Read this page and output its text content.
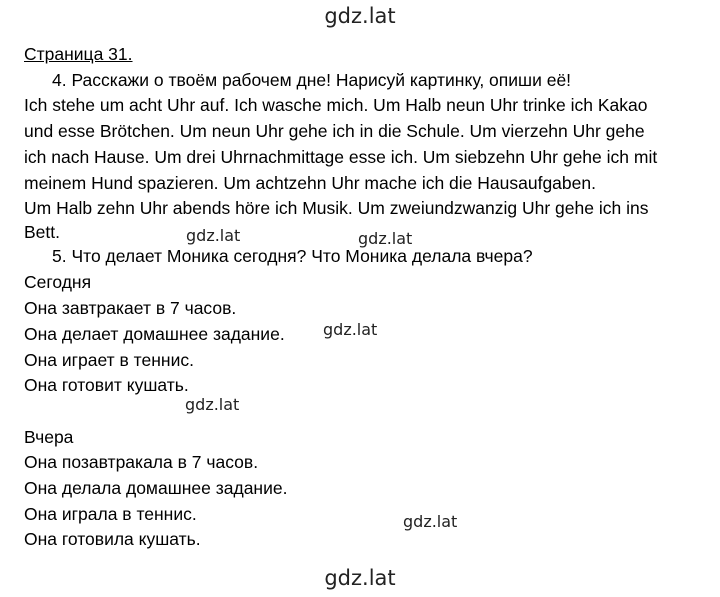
gdz.lat
Страница 31.
4. Расскажи о твоём рабочем дне! Нарисуй картинку, опиши её!
Ich stehe um acht Uhr auf. Ich wasche mich. Um Halb neun Uhr trinke ich Kakao
und esse Brötchen. Um neun Uhr gehe ich in die Schule. Um vierzehn Uhr gehe
ich nach Hause. Um drei Uhrnachmittage esse ich. Um siebzehn Uhr gehe ich mit
meinem Hund spazieren. Um achtzehn Uhr mache ich die Hausaufgaben.
Um Halb zehn Uhr abends höre ich Musik. Um zweiundzwanzig Uhr gehe ich ins
Bett.	gdz.lat	gdz.lat
5. Что делает Моника сегодня? Что Моника делала вчера?
Сегодня
Она завтракает в 7 часов.
Она делает домашнее задание. gdz.lat
Она играет в теннис.
Она готовит кушать.
gdz.lat
Вчера
Она позавтракала в 7 часов.
Она делала домашнее задание.
Она играла в теннис.	gdz.lat
Она готовила кушать.
gdz.lat
